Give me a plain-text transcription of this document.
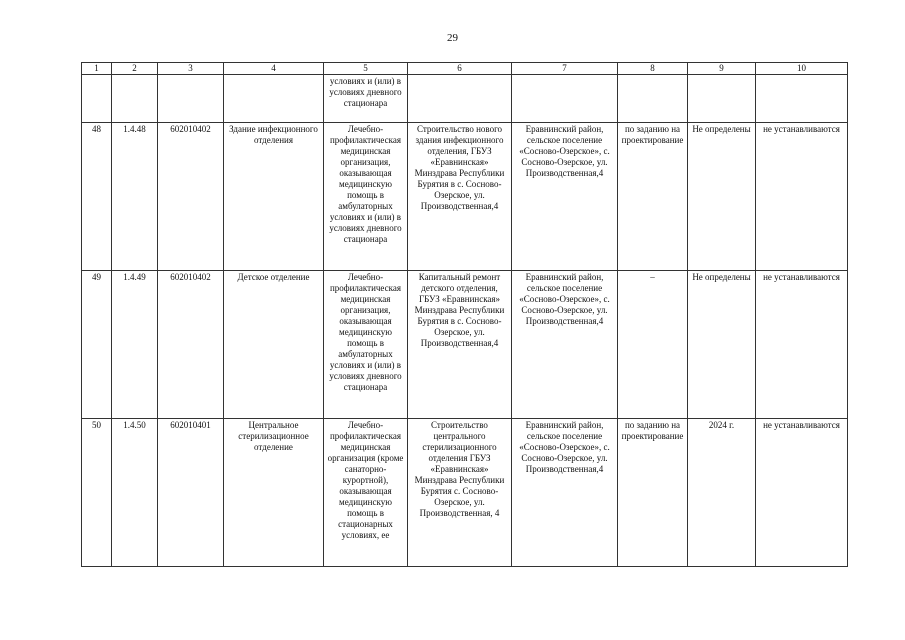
29
1	2	3	4	5	6	7	8	9	10
				условиях и (или) в условиях дневного стационара					
48	1.4.48	602010402	Здание инфекционного отделения	Лечебно-профилактическая медицинская организация, оказывающая медицинскую помощь в амбулаторных условиях и (или) в условиях дневного стационара	Строительство нового здания инфекционного отделения, ГБУЗ «Еравнинская» Минздрава Республики Бурятия в с. Сосново-Озерское, ул. Производственная,4	Еравнинский район, сельское поселение «Сосново-Озерское», с. Сосново-Озерское, ул. Производственная,4	по заданию на проектирование	Не определены	не устанавливаются
49	1.4.49	602010402	Детское отделение	Лечебно-профилактическая медицинская организация, оказывающая медицинскую помощь в амбулаторных условиях и (или) в условиях дневного стационара	Капитальный ремонт детского отделения, ГБУЗ «Еравнинская» Минздрава Республики Бурятия в с. Сосново-Озерское, ул. Производственная,4	Еравнинский район, сельское поселение «Сосново-Озерское», с. Сосново-Озерское, ул. Производственная,4	–	Не определены	не устанавливаются
50	1.4.50	602010401	Центральное стерилизационное отделение	Лечебно-профилактическая медицинская организация (кроме санаторно-курортной), оказывающая медицинскую помощь в стационарных условиях, ее	Строительство центрального стерилизационного отделения ГБУЗ «Еравнинская» Минздрава Республики Бурятия с. Сосново-Озерское, ул. Производственная, 4	Еравнинский район, сельское поселение «Сосново-Озерское», с. Сосново-Озерское, ул. Производственная,4	по заданию на проектирование	2024 г.	не устанавливаются
